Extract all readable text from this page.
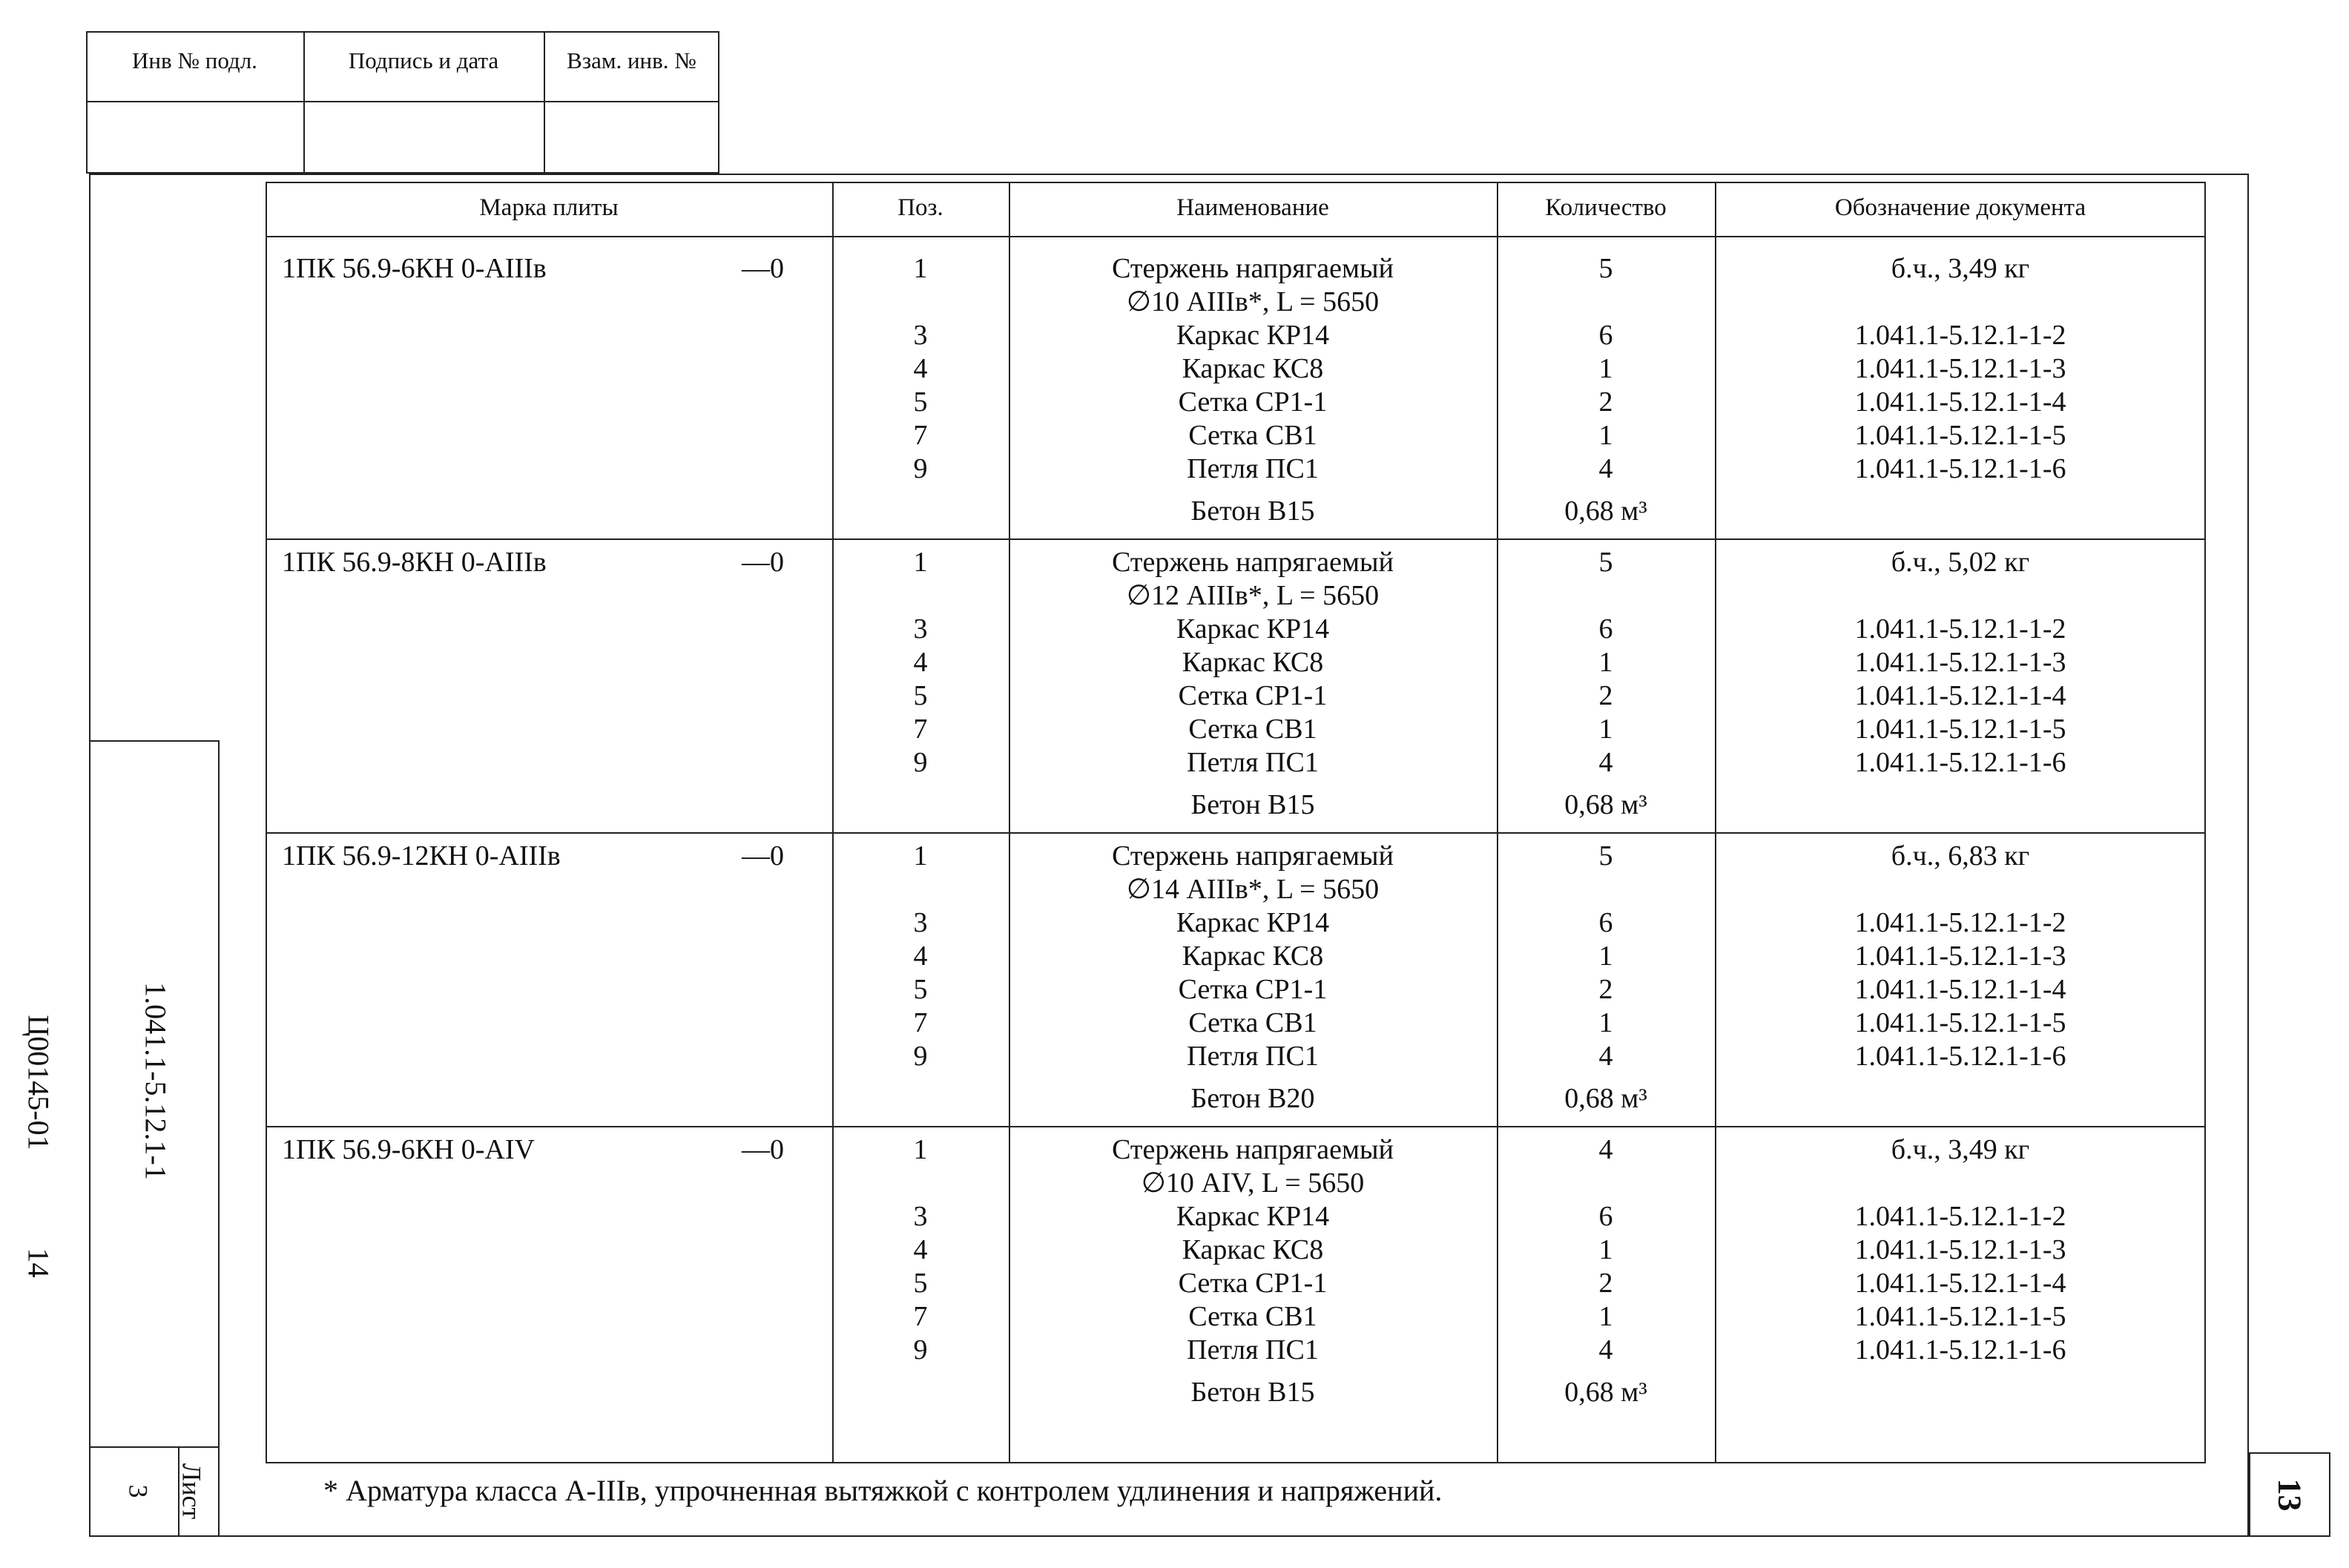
Инв № подл.	Подпись и дата	Взам. инв. №
1.041.1-5.12.1-1
Лист
3
Ц00145-01
14
13
Марка плиты	Поз.	Наименование	Количество	Обозначение документа
1ПК 56.9-6КН 0-АIIIв	—0	1	Стержень напрягаемый	5	б.ч., 3,49 кг
∅10 АIIIв*, L = 5650
3	Каркас КР14	6	1.041.1-5.12.1-1-2
4	Каркас КС8	1	1.041.1-5.12.1-1-3
5	Сетка СР1-1	2	1.041.1-5.12.1-1-4
7	Сетка СВ1	1	1.041.1-5.12.1-1-5
9	Петля ПС1	4	1.041.1-5.12.1-1-6
Бетон В15	0,68 м³
1ПК 56.9-8КН 0-АIIIв	—0	1	Стержень напрягаемый	5	б.ч., 5,02 кг
∅12 АIIIв*, L = 5650
3	Каркас КР14	6	1.041.1-5.12.1-1-2
4	Каркас КС8	1	1.041.1-5.12.1-1-3
5	Сетка СР1-1	2	1.041.1-5.12.1-1-4
7	Сетка СВ1	1	1.041.1-5.12.1-1-5
9	Петля ПС1	4	1.041.1-5.12.1-1-6
Бетон В15	0,68 м³
1ПК 56.9-12КН 0-АIIIв	—0	1	Стержень напрягаемый	5	б.ч., 6,83 кг
∅14 АIIIв*, L = 5650
3	Каркас КР14	6	1.041.1-5.12.1-1-2
4	Каркас КС8	1	1.041.1-5.12.1-1-3
5	Сетка СР1-1	2	1.041.1-5.12.1-1-4
7	Сетка СВ1	1	1.041.1-5.12.1-1-5
9	Петля ПС1	4	1.041.1-5.12.1-1-6
Бетон В20	0,68 м³
1ПК 56.9-6КН 0-АIV	—0	1	Стержень напрягаемый	4	б.ч., 3,49 кг
∅10 АIV, L = 5650
3	Каркас КР14	6	1.041.1-5.12.1-1-2
4	Каркас КС8	1	1.041.1-5.12.1-1-3
5	Сетка СР1-1	2	1.041.1-5.12.1-1-4
7	Сетка СВ1	1	1.041.1-5.12.1-1-5
9	Петля ПС1	4	1.041.1-5.12.1-1-6
Бетон В15	0,68 м³
* Арматура класса А-IIIв, упрочненная вытяжкой с контролем удлинения и напряжений.
